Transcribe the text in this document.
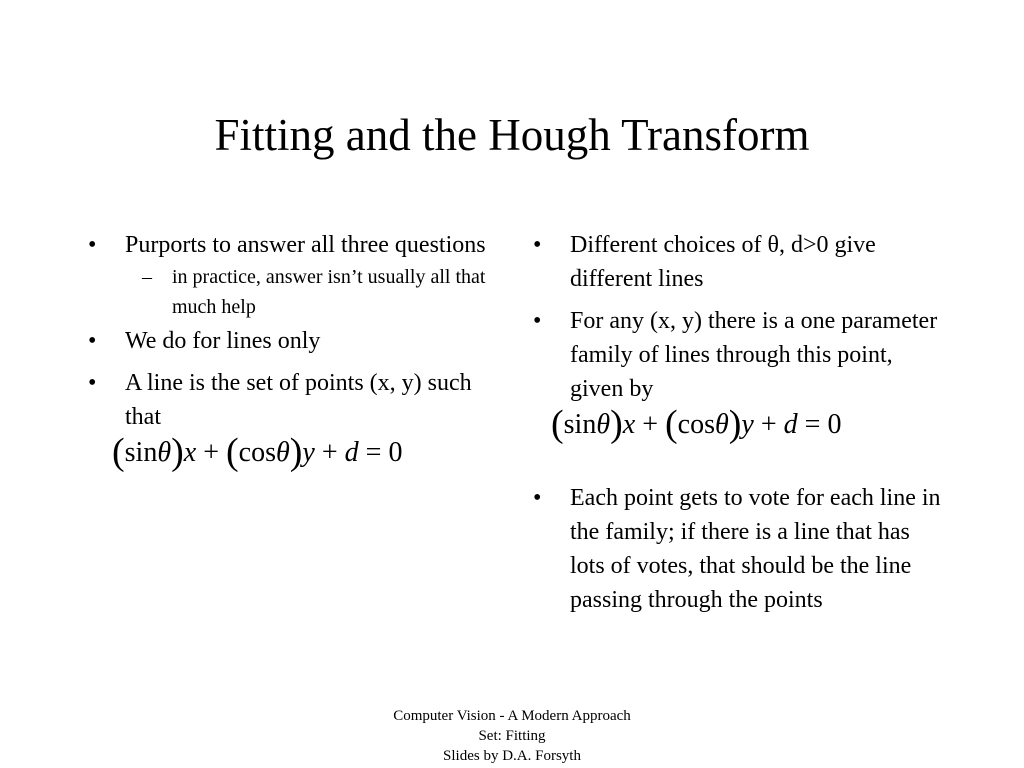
Fitting and the Hough Transform
• Purports to answer all three questions
– in practice, answer isn’t usually all that much help
• We do for lines only
• A line is the set of points (x, y) such that
(sinθ)x + (cosθ)y + d = 0
• Different choices of θ, d>0 give different lines
• For any (x, y) there is a one parameter family of lines through this point, given by
(sinθ)x + (cosθ)y + d = 0
• Each point gets to vote for each line in the family; if there is a line that has lots of votes, that should be the line passing through the points
Computer Vision - A Modern Approach
Set: Fitting
Slides by D.A. Forsyth
